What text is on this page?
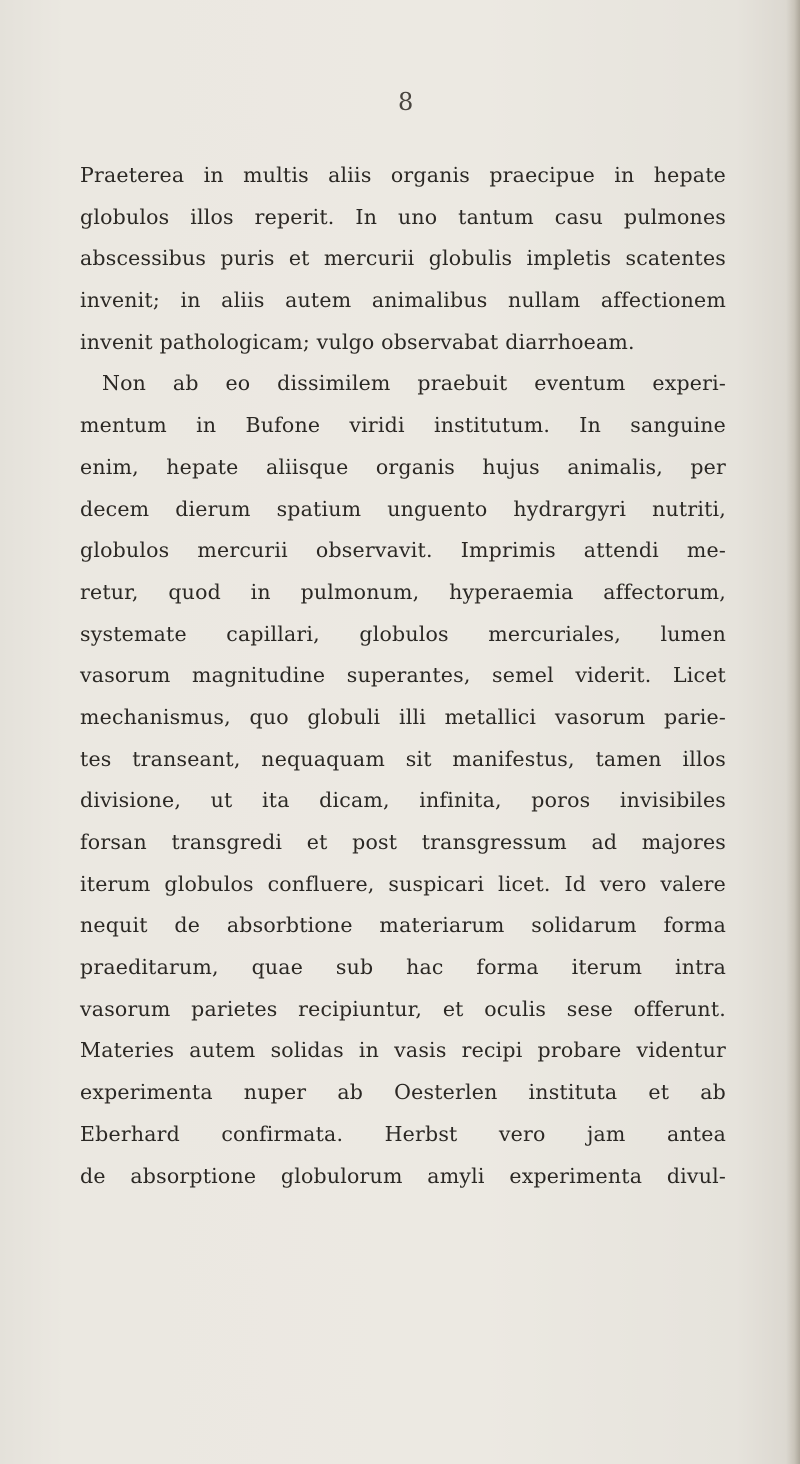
8
Praeterea in multis aliis organis praecipue in hepate
globulos illos reperit. In uno tantum casu pulmones
abscessibus puris et mercurii globulis impletis scatentes
invenit; in aliis autem animalibus nullam affectionem
invenit pathologicam; vulgo observabat diarrhoeam.
Non ab eo dissimilem praebuit eventum experi-
mentum in Bufone viridi institutum. In sanguine
enim, hepate aliisque organis hujus animalis, per
decem dierum spatium unguento hydrargyri nutriti,
globulos mercurii observavit. Imprimis attendi me-
retur, quod in pulmonum, hyperaemia affectorum,
systemate capillari, globulos mercuriales, lumen
vasorum magnitudine superantes, semel viderit. Licet
mechanismus, quo globuli illi metallici vasorum parie-
tes transeant, nequaquam sit manifestus, tamen illos
divisione, ut ita dicam, infinita, poros invisibiles
forsan transgredi et post transgressum ad majores
iterum globulos confluere, suspicari licet. Id vero valere
nequit de absorbtione materiarum solidarum forma
praeditarum, quae sub hac forma iterum intra
vasorum parietes recipiuntur, et oculis sese offerunt.
Materies autem solidas in vasis recipi probare videntur
experimenta nuper ab Oesterlen instituta et ab
Eberhard confirmata. Herbst vero jam antea
de absorptione globulorum amyli experimenta divul-
